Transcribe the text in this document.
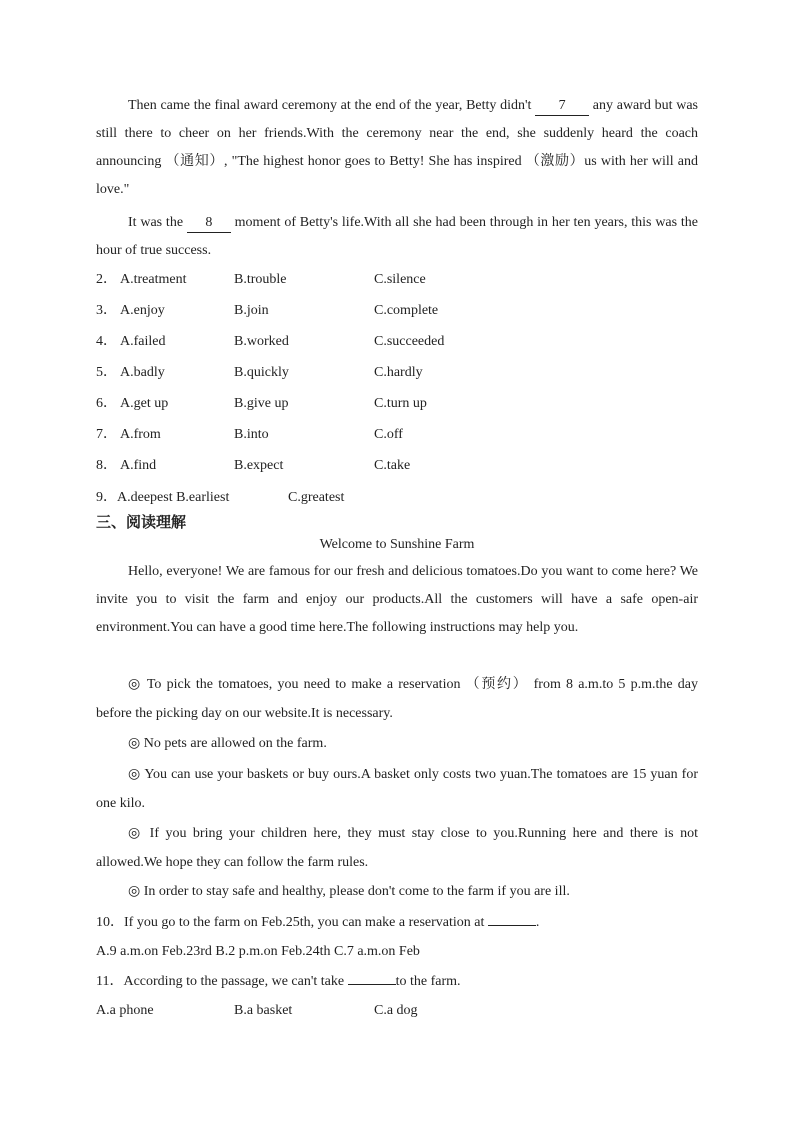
Then came the final award ceremony at the end of the year, Betty didn't 7 any award but was still there to cheer on her friends.With the ceremony near the end, she suddenly heard the coach announcing （通知）, "The highest honor goes to Betty! She has inspired （激励）us with her will and love."
It was the 8 moment of Betty's life.With all she had been through in her ten years, this was the hour of true success.
2． A.treatment	B.trouble	C.silence
3． A.enjoy	B.join	C.complete
4． A.failed	B.worked	C.succeeded
5． A.badly	B.quickly	C.hardly
6． A.get up	B.give up	C.turn up
7． A.from	B.into	C.off
8． A.find	B.expect	C.take
9．A.deepest B.earliest	C.greatest
三、阅读理解
Welcome to Sunshine Farm
Hello, everyone! We are famous for our fresh and delicious tomatoes.Do you want to come here? We invite you to visit the farm and enjoy our products.All the customers will have a safe open-air environment.You can have a good time here.The following instructions may help you.
◎ To pick the tomatoes, you need to make a reservation （预约） from 8 a.m.to 5 p.m.the day before the picking day on our website.It is necessary.
◎ No pets are allowed on the farm.
◎ You can use your baskets or buy ours.A basket only costs two yuan.The tomatoes are 15 yuan for one kilo.
◎ If you bring your children here, they must stay close to you.Running here and there is not allowed.We hope they can follow the farm rules.
◎ In order to stay safe and healthy, please don't come to the farm if you are ill.
10．If you go to the farm on Feb.25th, you can make a reservation at	.
A.9 a.m.on Feb.23rd B.2 p.m.on Feb.24th C.7 a.m.on Feb
11．According to the passage, we can't take	to the farm.
A.a phone	B.a basket	C.a dog
